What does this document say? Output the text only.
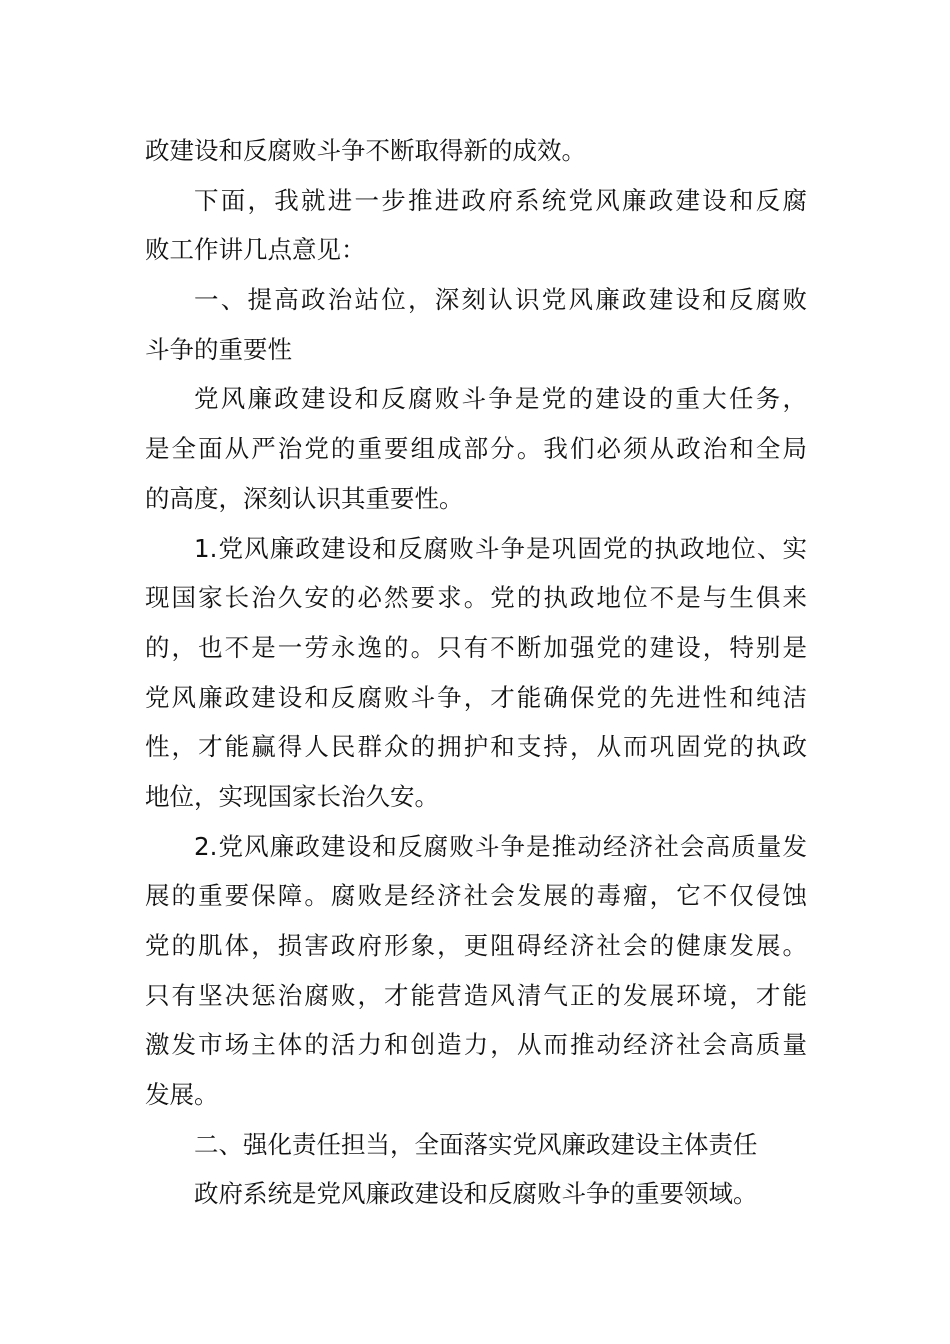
政建设和反腐败斗争不断取得新的成效。
下面，我就进一步推进政府系统党风廉政建设和反腐
败工作讲几点意见：
一、提高政治站位，深刻认识党风廉政建设和反腐败
斗争的重要性
党风廉政建设和反腐败斗争是党的建设的重大任务，
是全面从严治党的重要组成部分。我们必须从政治和全局
的高度，深刻认识其重要性。
1.党风廉政建设和反腐败斗争是巩固党的执政地位、实
现国家长治久安的必然要求。党的执政地位不是与生俱来
的，也不是一劳永逸的。只有不断加强党的建设，特别是
党风廉政建设和反腐败斗争，才能确保党的先进性和纯洁
性，才能赢得人民群众的拥护和支持，从而巩固党的执政
地位，实现国家长治久安。
2.党风廉政建设和反腐败斗争是推动经济社会高质量发
展的重要保障。腐败是经济社会发展的毒瘤，它不仅侵蚀
党的肌体，损害政府形象，更阻碍经济社会的健康发展。
只有坚决惩治腐败，才能营造风清气正的发展环境，才能
激发市场主体的活力和创造力，从而推动经济社会高质量
发展。
二、强化责任担当，全面落实党风廉政建设主体责任
政府系统是党风廉政建设和反腐败斗争的重要领域。
